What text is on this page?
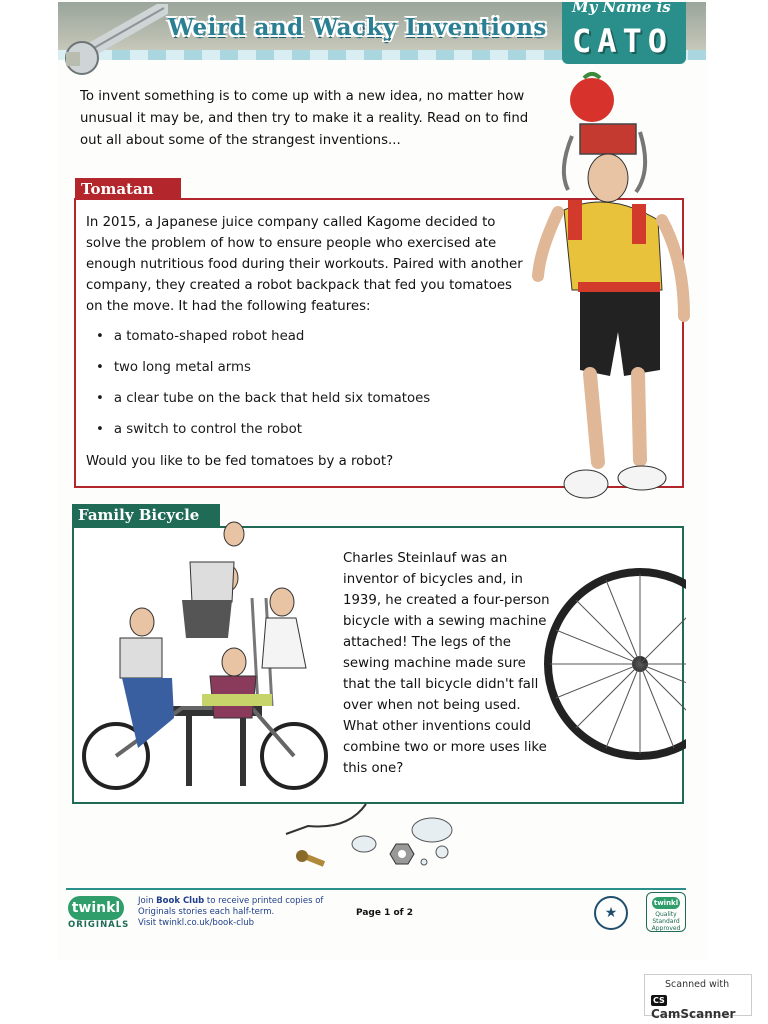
Weird and Wacky Inventions
My Name is
CATO
To invent something is to come up with a new idea, no matter how unusual it may be, and then try to make it a reality. Read on to find out all about some of the strangest inventions...
Tomatan
In 2015, a Japanese juice company called Kagome decided to solve the problem of how to ensure people who exercised ate enough nutritious food during their workouts. Paired with another company, they created a robot backpack that fed you tomatoes on the move. It had the following features:
• a tomato-shaped robot head
• two long metal arms
• a clear tube on the back that held six tomatoes
• a switch to control the robot
Would you like to be fed tomatoes by a robot?
Family Bicycle
Charles Steinlauf was an inventor of bicycles and, in 1939, he created a four-person bicycle with a sewing machine attached! The legs of the sewing machine made sure that the tall bicycle didn't fall over when not being used. What other inventions could combine two or more uses like this one?
twinkl
ORIGINALS
Join Book Club to receive printed copies of Originals stories each half-term.
Visit twinkl.co.uk/book-club
Page 1 of 2	★
twinkl
Quality Standard Approved
Scanned with
CSCamScanner
